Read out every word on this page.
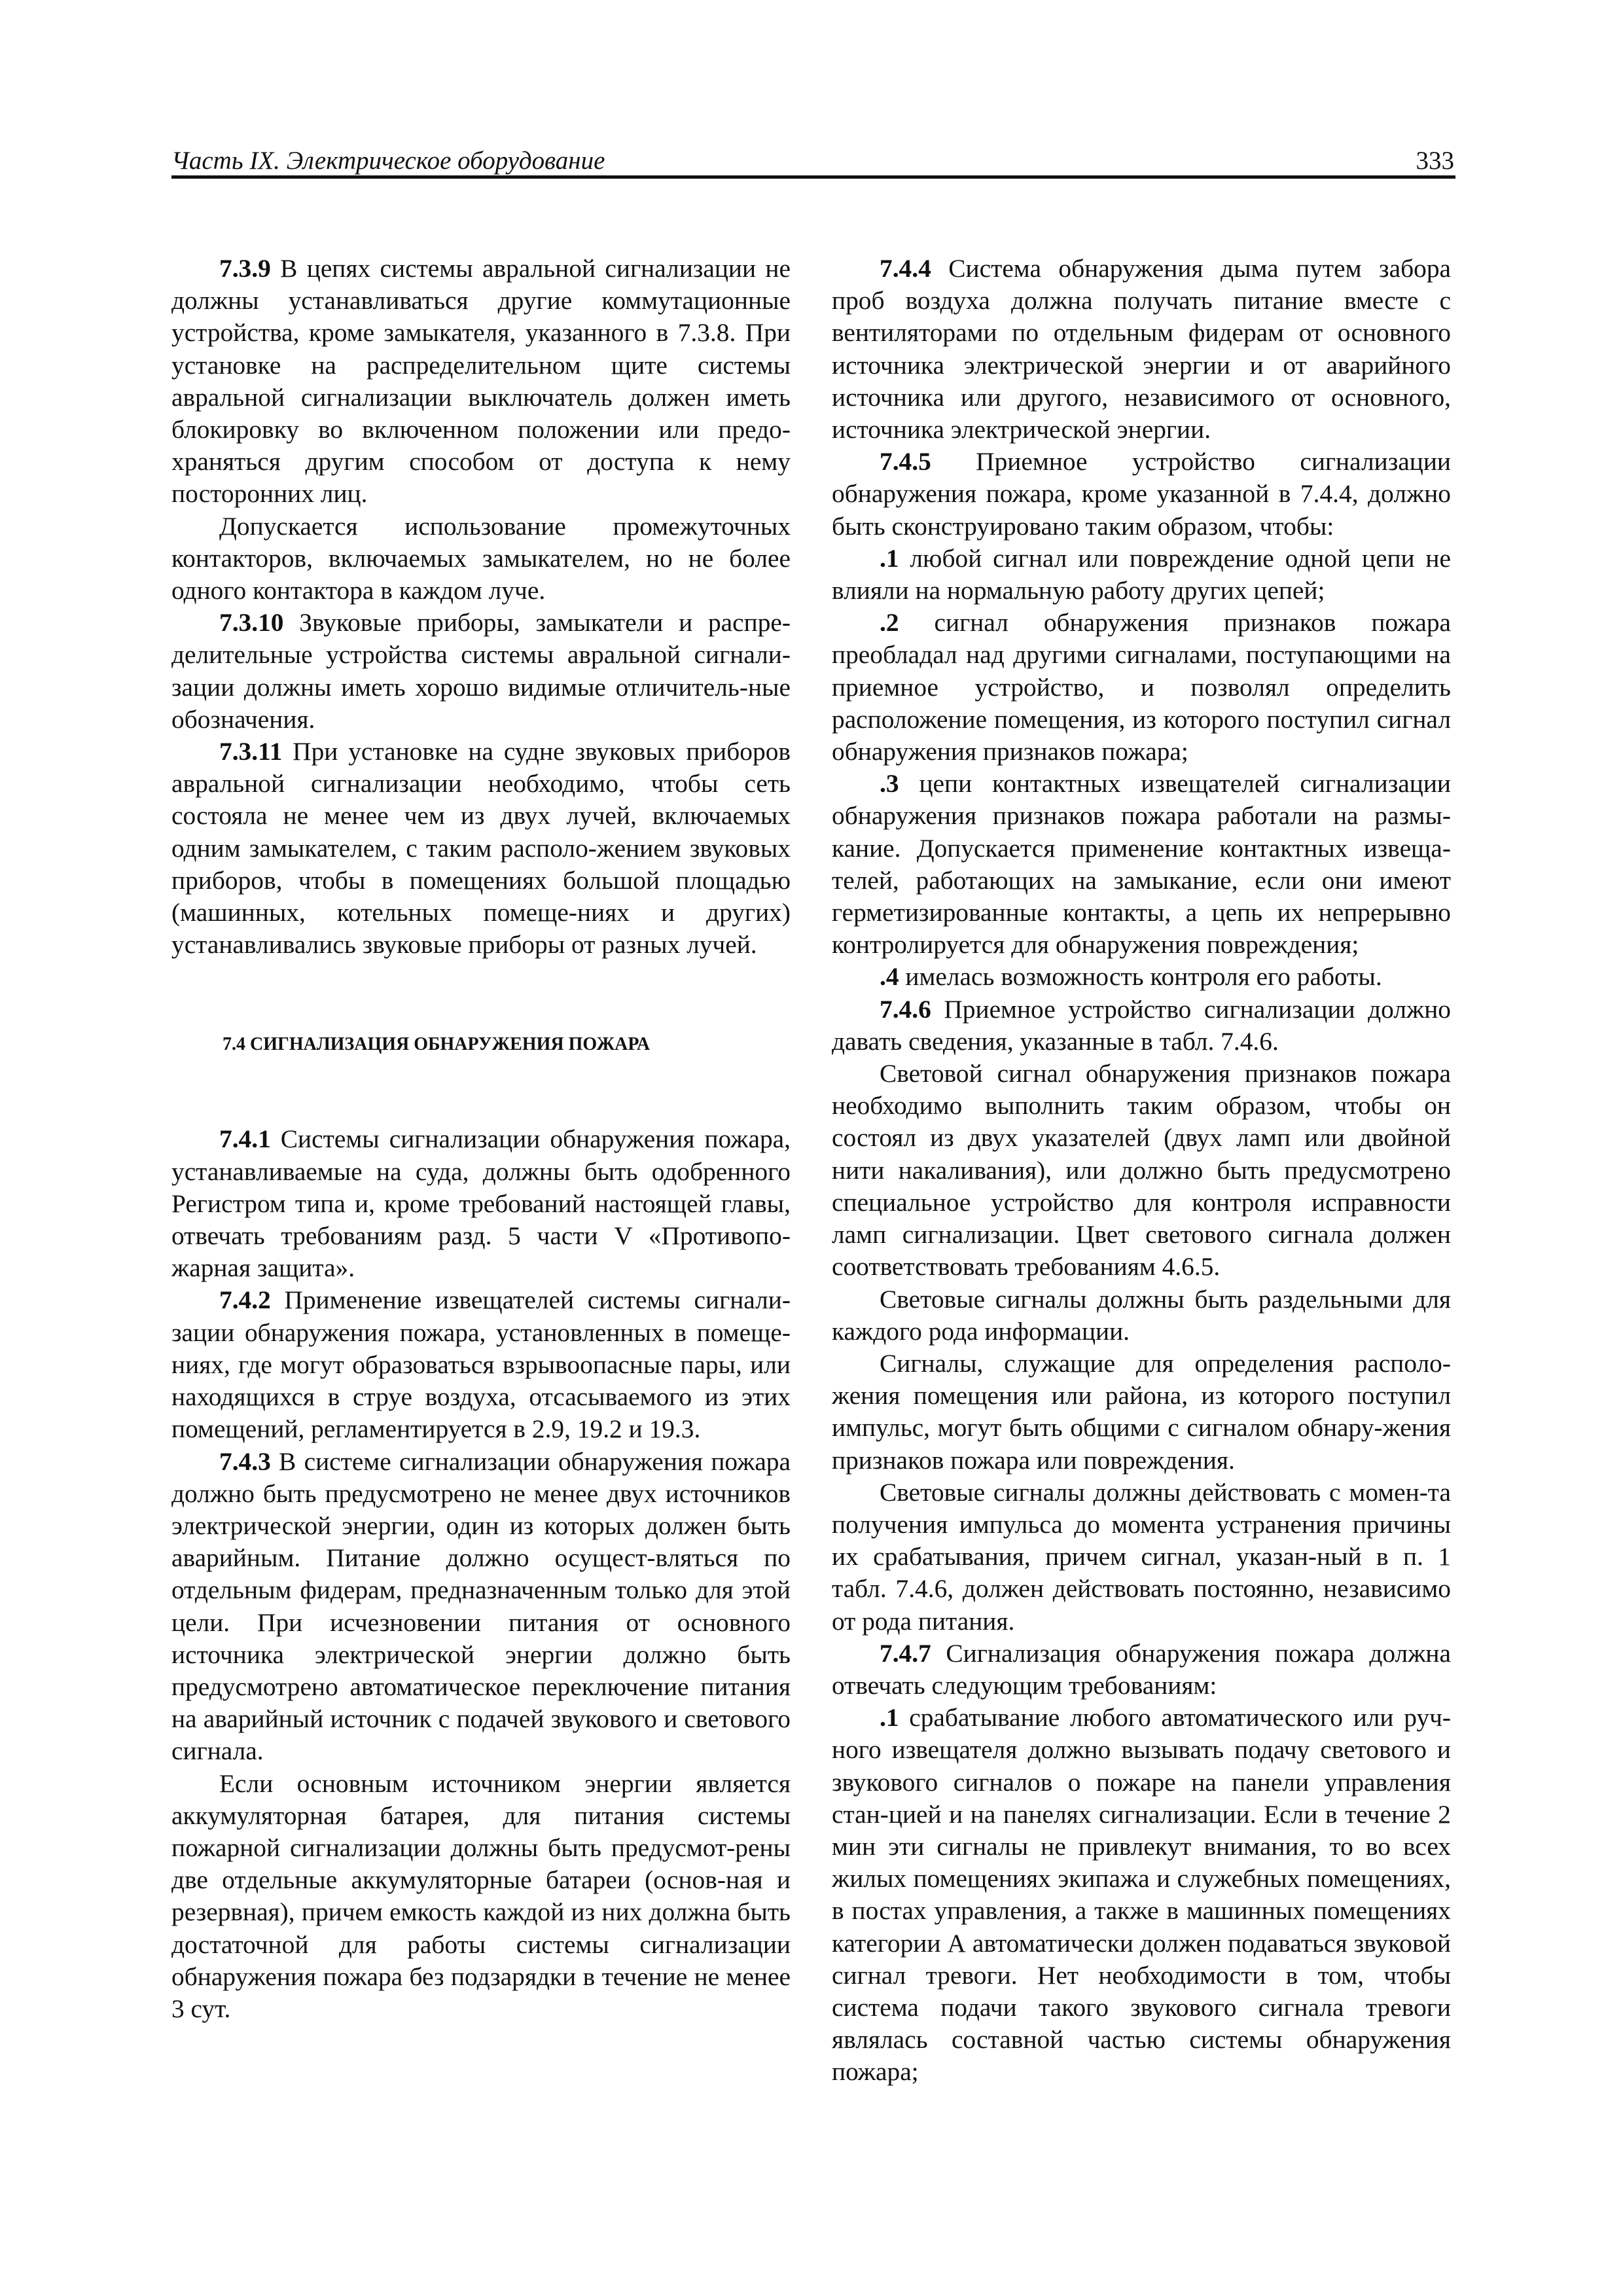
Часть IX. Электрическое оборудование	333

7.3.9 В цепях системы авральной сигнализации не должны устанавливаться другие коммутационные устройства, кроме замыкателя, указанного в 7.3.8. При установке на распределительном щите системы авральной сигнализации выключатель должен иметь блокировку во включенном положении или предо-храняться другим способом от доступа к нему посторонних лиц.

Допускается использование промежуточных контакторов, включаемых замыкателем, но не более одного контактора в каждом луче.

7.3.10 Звуковые приборы, замыкатели и распре-делительные устройства системы авральной сигнали-зации должны иметь хорошо видимые отличитель-ные обозначения.

7.3.11 При установке на судне звуковых приборов авральной сигнализации необходимо, чтобы сеть состояла не менее чем из двух лучей, включаемых одним замыкателем, с таким располо-жением звуковых приборов, чтобы в помещениях большой площадью (машинных, котельных помеще-ниях и других) устанавливались звуковые приборы от разных лучей.

7.4 СИГНАЛИЗАЦИЯ ОБНАРУЖЕНИЯ ПОЖАРА

7.4.1 Системы сигнализации обнаружения пожара, устанавливаемые на суда, должны быть одобренного Регистром типа и, кроме требований настоящей главы, отвечать требованиям разд. 5 части V «Противопо-жарная защита».

7.4.2 Применение извещателей системы сигнали-зации обнаружения пожара, установленных в помеще-ниях, где могут образоваться взрывоопасные пары, или находящихся в струе воздуха, отсасываемого из этих помещений, регламентируется в 2.9, 19.2 и 19.3.

7.4.3 В системе сигнализации обнаружения пожара должно быть предусмотрено не менее двух источников электрической энергии, один из которых должен быть аварийным. Питание должно осущест-вляться по отдельным фидерам, предназначенным только для этой цели. При исчезновении питания от основного источника электрической энергии должно быть предусмотрено автоматическое переключение питания на аварийный источник с подачей звукового и светового сигнала.

Если основным источником энергии является аккумуляторная батарея, для питания системы пожарной сигнализации должны быть предусмот-рены две отдельные аккумуляторные батареи (основ-ная и резервная), причем емкость каждой из них должна быть достаточной для работы системы сигнализации обнаружения пожара без подзарядки в течение не менее 3 сут.

7.4.4 Система обнаружения дыма путем забора проб воздуха должна получать питание вместе с вентиляторами по отдельным фидерам от основного источника электрической энергии и от аварийного источника или другого, независимого от основного, источника электрической энергии.

7.4.5 Приемное устройство сигнализации обнаружения пожара, кроме указанной в 7.4.4, должно быть сконструировано таким образом, чтобы:

.1 любой сигнал или повреждение одной цепи не влияли на нормальную работу других цепей;

.2 сигнал обнаружения признаков пожара преобладал над другими сигналами, поступающими на приемное устройство, и позволял определить расположение помещения, из которого поступил сигнал обнаружения признаков пожара;

.3 цепи контактных извещателей сигнализации обнаружения признаков пожара работали на размы-кание. Допускается применение контактных извеща-телей, работающих на замыкание, если они имеют герметизированные контакты, а цепь их непрерывно контролируется для обнаружения повреждения;

.4 имелась возможность контроля его работы.

7.4.6 Приемное устройство сигнализации должно давать сведения, указанные в табл. 7.4.6.

Световой сигнал обнаружения признаков пожара необходимо выполнить таким образом, чтобы он состоял из двух указателей (двух ламп или двойной нити накаливания), или должно быть предусмотрено специальное устройство для контроля исправности ламп сигнализации. Цвет светового сигнала должен соответствовать требованиям 4.6.5.

Световые сигналы должны быть раздельными для каждого рода информации.

Сигналы, служащие для определения располо-жения помещения или района, из которого поступил импульс, могут быть общими с сигналом обнару-жения признаков пожара или повреждения.

Световые сигналы должны действовать с момен-та получения импульса до момента устранения причины их срабатывания, причем сигнал, указан-ный в п. 1 табл. 7.4.6, должен действовать постоянно, независимо от рода питания.

7.4.7 Сигнализация обнаружения пожара должна отвечать следующим требованиям:

.1 срабатывание любого автоматического или руч-ного извещателя должно вызывать подачу светового и звукового сигналов о пожаре на панели управления стан-цией и на панелях сигнализации. Если в течение 2 мин эти сигналы не привлекут внимания, то во всех жилых помещениях экипажа и служебных помещениях, в постах управления, а также в машинных помещениях категории А автоматически должен подаваться звуковой сигнал тревоги. Нет необходимости в том, чтобы система подачи такого звукового сигнала тревоги являлась составной частью системы обнаружения пожара;
